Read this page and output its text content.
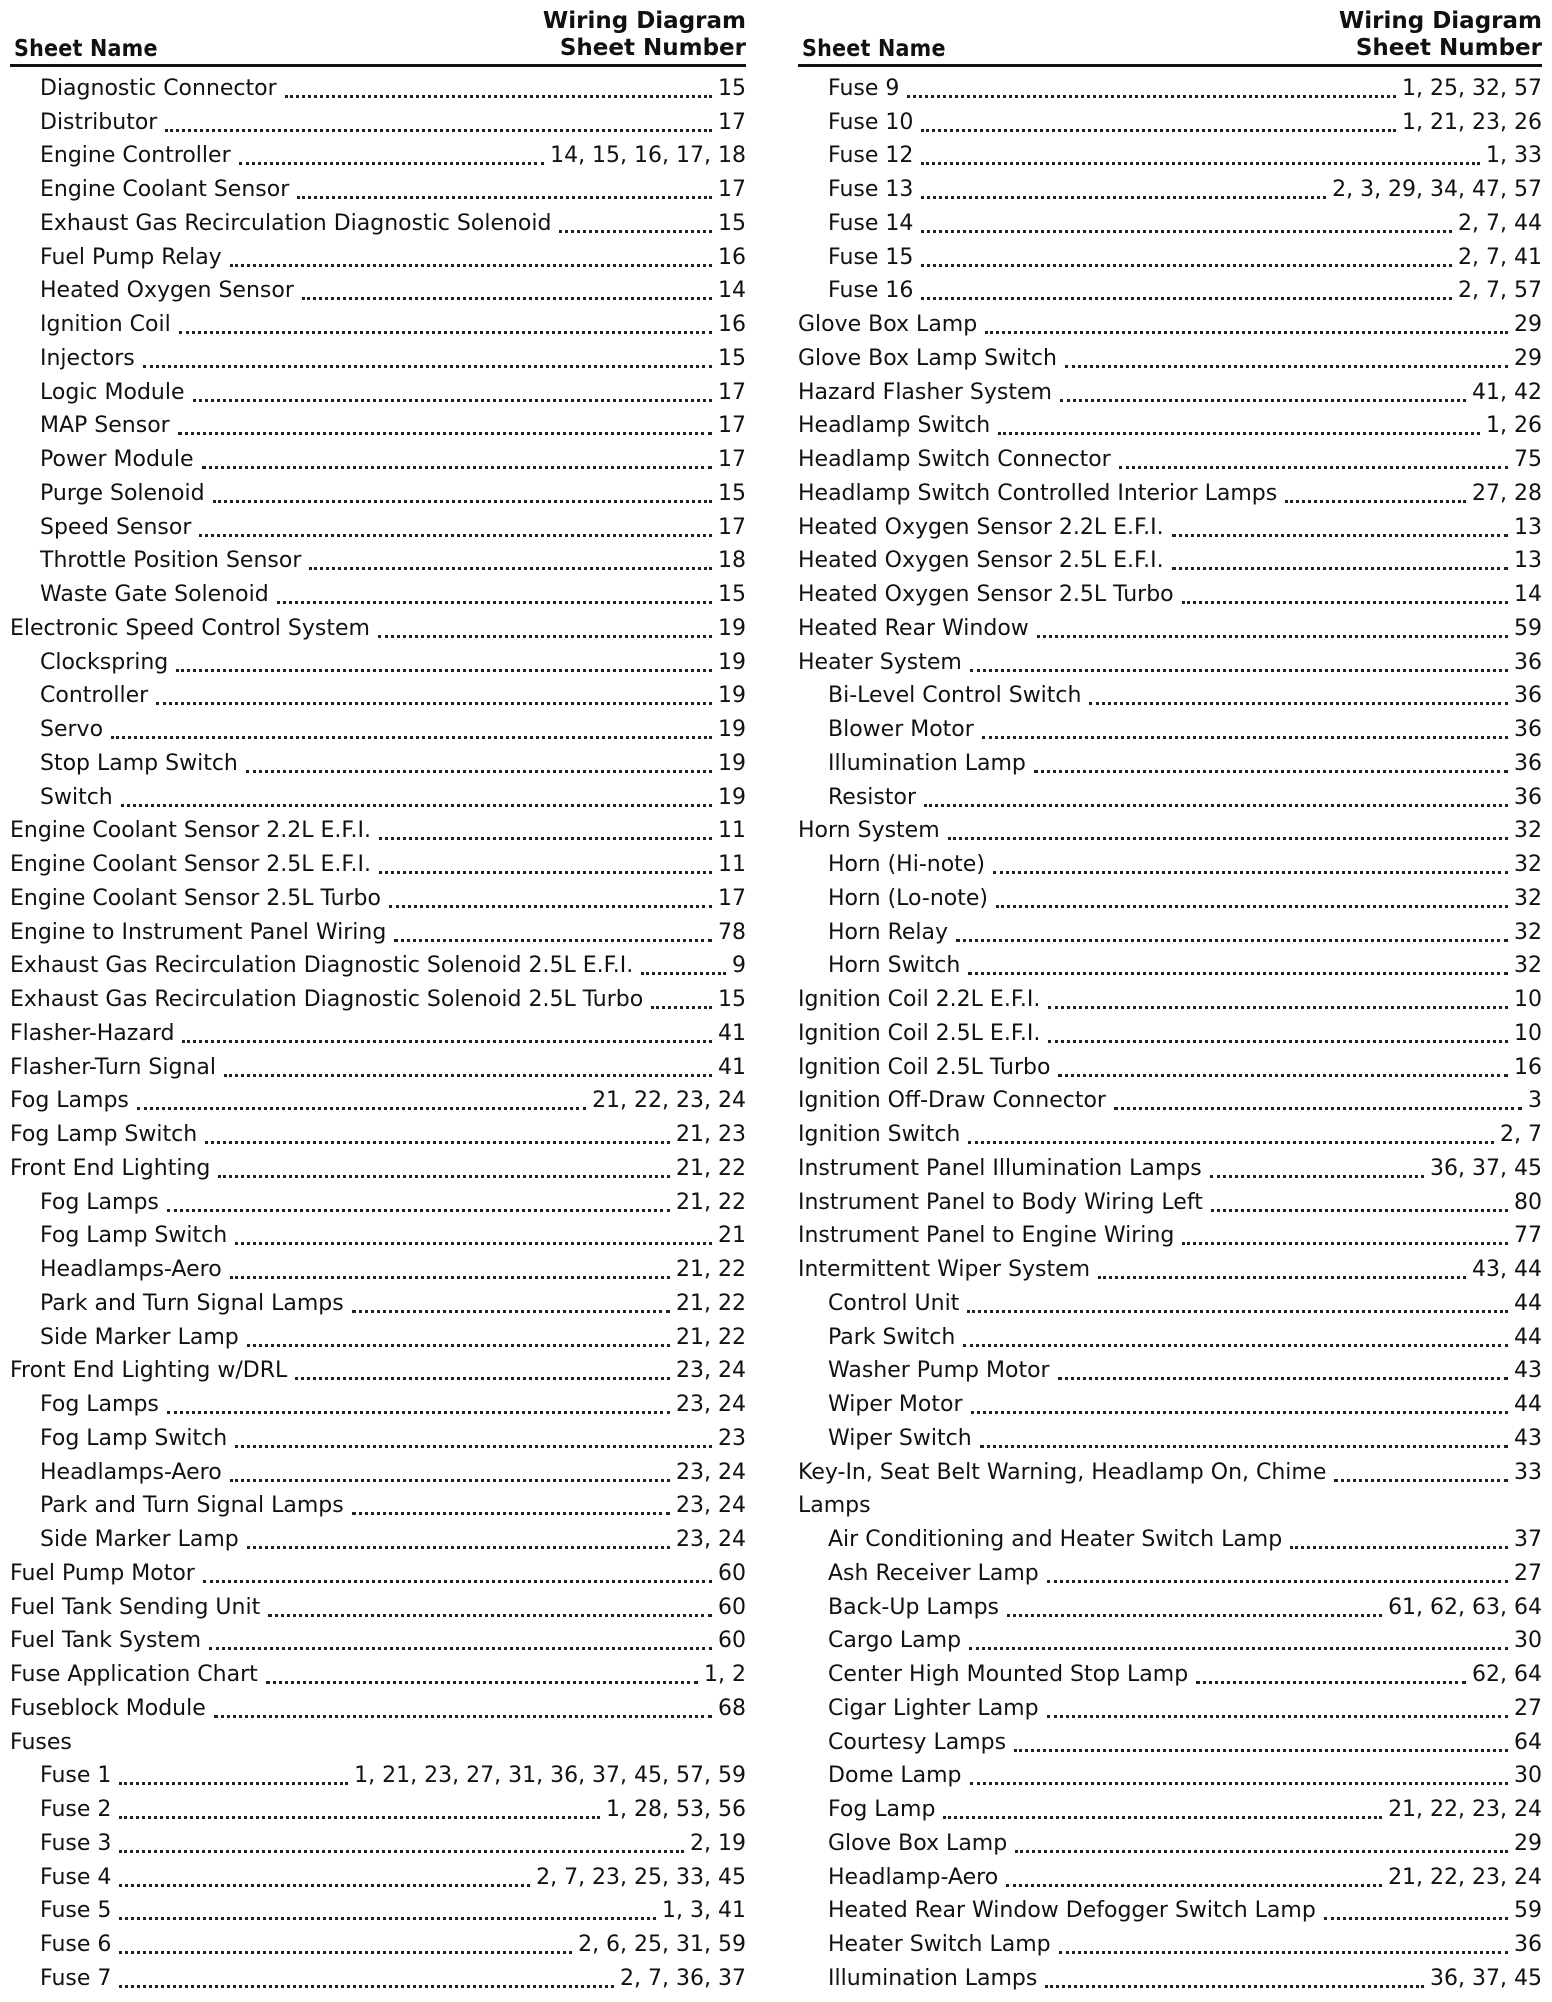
Sheet Name
Wiring Diagram
Sheet Number
Diagnostic Connector	15
Distributor	17
Engine Controller	14, 15, 16, 17, 18
Engine Coolant Sensor	17
Exhaust Gas Recirculation Diagnostic Solenoid	15
Fuel Pump Relay	16
Heated Oxygen Sensor	14
Ignition Coil	16
Injectors	15
Logic Module	17
MAP Sensor	17
Power Module	17
Purge Solenoid	15
Speed Sensor	17
Throttle Position Sensor	18
Waste Gate Solenoid	15
Electronic Speed Control System	19
Clockspring	19
Controller	19
Servo	19
Stop Lamp Switch	19
Switch	19
Engine Coolant Sensor 2.2L E.F.I.	11
Engine Coolant Sensor 2.5L E.F.I.	11
Engine Coolant Sensor 2.5L Turbo	17
Engine to Instrument Panel Wiring	78
Exhaust Gas Recirculation Diagnostic Solenoid 2.5L E.F.I.	9
Exhaust Gas Recirculation Diagnostic Solenoid 2.5L Turbo	15
Flasher-Hazard	41
Flasher-Turn Signal	41
Fog Lamps	21, 22, 23, 24
Fog Lamp Switch	21, 23
Front End Lighting	21, 22
Fog Lamps	21, 22
Fog Lamp Switch	21
Headlamps-Aero	21, 22
Park and Turn Signal Lamps	21, 22
Side Marker Lamp	21, 22
Front End Lighting w/DRL	23, 24
Fog Lamps	23, 24
Fog Lamp Switch	23
Headlamps-Aero	23, 24
Park and Turn Signal Lamps	23, 24
Side Marker Lamp	23, 24
Fuel Pump Motor	60
Fuel Tank Sending Unit	60
Fuel Tank System	60
Fuse Application Chart	1, 2
Fuseblock Module	68
Fuses
Fuse 1	1, 21, 23, 27, 31, 36, 37, 45, 57, 59
Fuse 2	1, 28, 53, 56
Fuse 3	2, 19
Fuse 4	2, 7, 23, 25, 33, 45
Fuse 5	1, 3, 41
Fuse 6	2, 6, 25, 31, 59
Fuse 7	2, 7, 36, 37
Sheet Name
Wiring Diagram
Sheet Number
Fuse 9	1, 25, 32, 57
Fuse 10	1, 21, 23, 26
Fuse 12	1, 33
Fuse 13	2, 3, 29, 34, 47, 57
Fuse 14	2, 7, 44
Fuse 15	2, 7, 41
Fuse 16	2, 7, 57
Glove Box Lamp	29
Glove Box Lamp Switch	29
Hazard Flasher System	41, 42
Headlamp Switch	1, 26
Headlamp Switch Connector	75
Headlamp Switch Controlled Interior Lamps	27, 28
Heated Oxygen Sensor 2.2L E.F.I.	13
Heated Oxygen Sensor 2.5L E.F.I.	13
Heated Oxygen Sensor 2.5L Turbo	14
Heated Rear Window	59
Heater System	36
Bi-Level Control Switch	36
Blower Motor	36
Illumination Lamp	36
Resistor	36
Horn System	32
Horn (Hi-note)	32
Horn (Lo-note)	32
Horn Relay	32
Horn Switch	32
Ignition Coil 2.2L E.F.I.	10
Ignition Coil 2.5L E.F.I.	10
Ignition Coil 2.5L Turbo	16
Ignition Off-Draw Connector	3
Ignition Switch	2, 7
Instrument Panel Illumination Lamps	36, 37, 45
Instrument Panel to Body Wiring Left	80
Instrument Panel to Engine Wiring	77
Intermittent Wiper System	43, 44
Control Unit	44
Park Switch	44
Washer Pump Motor	43
Wiper Motor	44
Wiper Switch	43
Key-In, Seat Belt Warning, Headlamp On, Chime	33
Lamps
Air Conditioning and Heater Switch Lamp	37
Ash Receiver Lamp	27
Back-Up Lamps	61, 62, 63, 64
Cargo Lamp	30
Center High Mounted Stop Lamp	62, 64
Cigar Lighter Lamp	27
Courtesy Lamps	64
Dome Lamp	30
Fog Lamp	21, 22, 23, 24
Glove Box Lamp	29
Headlamp-Aero	21, 22, 23, 24
Heated Rear Window Defogger Switch Lamp	59
Heater Switch Lamp	36
Illumination Lamps	36, 37, 45
